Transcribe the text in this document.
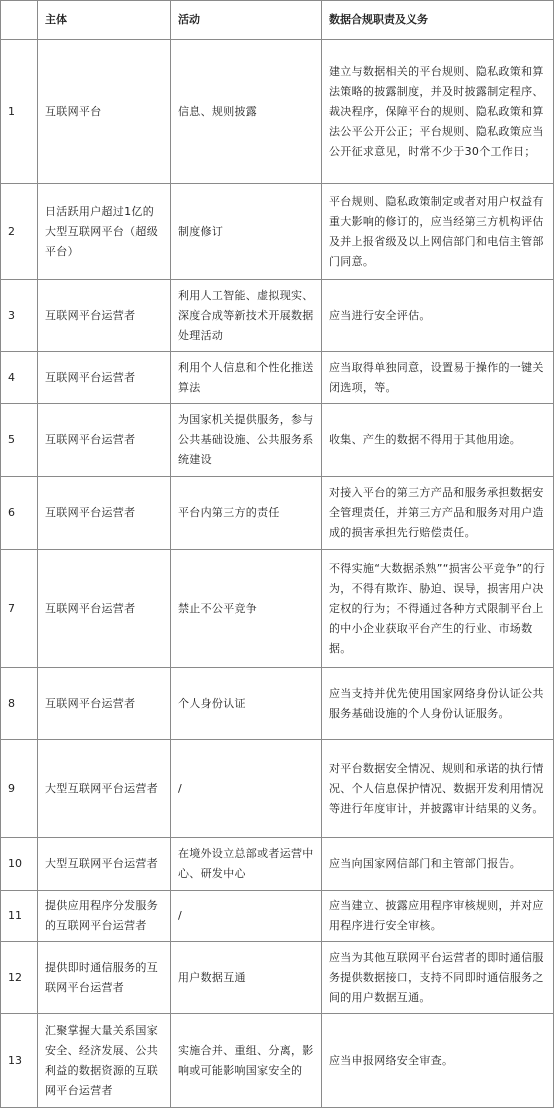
	主体	活动	数据合规职责及义务
1	互联网平台	信息、规则披露	建立与数据相关的平台规则、隐私政策和算法策略的披露制度，并及时披露制定程序、裁决程序，保障平台的规则、隐私政策和算法公平公开公正；平台规则、隐私政策应当公开征求意见，时常不少于30个工作日；
2	日活跃用户超过1亿的大型互联网平台（超级平台）	制度修订	平台规则、隐私政策制定或者对用户权益有重大影响的修订的，应当经第三方机构评估及并上报省级及以上网信部门和电信主管部门同意。
3	互联网平台运营者	利用人工智能、虚拟现实、深度合成等新技术开展数据处理活动	应当进行安全评估。
4	互联网平台运营者	利用个人信息和个性化推送算法	应当取得单独同意，设置易于操作的一键关闭选项，等。
5	互联网平台运营者	为国家机关提供服务，参与公共基础设施、公共服务系统建设	收集、产生的数据不得用于其他用途。
6	互联网平台运营者	平台内第三方的责任	对接入平台的第三方产品和服务承担数据安全管理责任，并第三方产品和服务对用户造成的损害承担先行赔偿责任。
7	互联网平台运营者	禁止不公平竞争	不得实施“大数据杀熟”“损害公平竞争”的行为，不得有欺诈、胁迫、误导，损害用户决定权的行为；不得通过各种方式限制平台上的中小企业获取平台产生的行业、市场数据。
8	互联网平台运营者	个人身份认证	应当支持并优先使用国家网络身份认证公共服务基础设施的个人身份认证服务。
9	大型互联网平台运营者	/	对平台数据安全情况、规则和承诺的执行情况、个人信息保护情况、数据开发利用情况等进行年度审计，并披露审计结果的义务。
10	大型互联网平台运营者	在境外设立总部或者运营中心、研发中心	应当向国家网信部门和主管部门报告。
11	提供应用程序分发服务的互联网平台运营者	/	应当建立、披露应用程序审核规则，并对应用程序进行安全审核。
12	提供即时通信服务的互联网平台运营者	用户数据互通	应当为其他互联网平台运营者的即时通信服务提供数据接口，支持不同即时通信服务之间的用户数据互通。
13	汇聚掌握大量关系国家安全、经济发展、公共利益的数据资源的互联网平台运营者	实施合并、重组、分离，影响或可能影响国家安全的	应当申报网络安全审查。
